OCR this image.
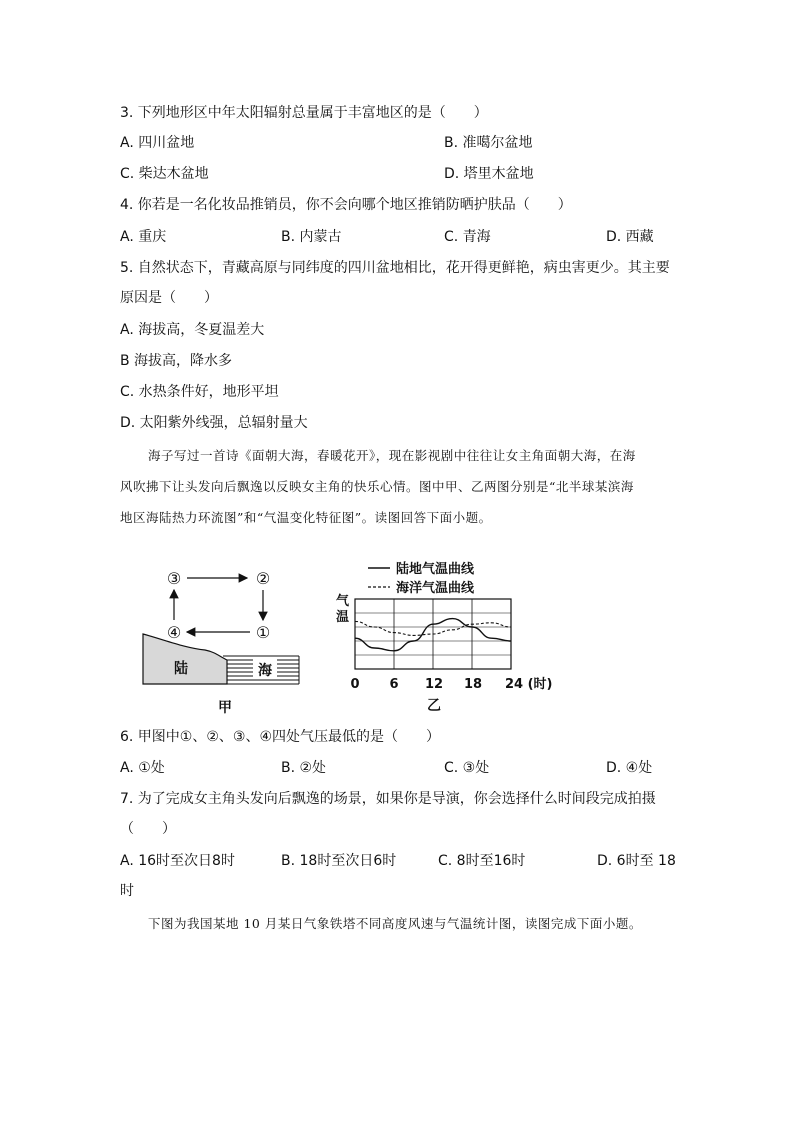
3. 下列地形区中年太阳辐射总量属于丰富地区的是（　　）
A. 四川盆地	B. 准噶尔盆地
C. 柴达木盆地	D. 塔里木盆地
4. 你若是一名化妆品推销员，你不会向哪个地区推销防晒护肤品（　　）
A. 重庆	B. 内蒙古	C. 青海	D. 西藏
5. 自然状态下，青藏高原与同纬度的四川盆地相比，花开得更鲜艳，病虫害更少。其主要
原因是（　　）
A. 海拔高，冬夏温差大
B 海拔高，降水多
C. 水热条件好，地形平坦
D. 太阳紫外线强，总辐射量大
海子写过一首诗《面朝大海，春暖花开》，现在影视剧中往往让女主角面朝大海，在海
风吹拂下让头发向后飘逸以反映女主角的快乐心情。图中甲、乙两图分别是“北半球某滨海
地区海陆热力环流图”和“气温变化特征图”。读图回答下面小题。
③	②
④	①
海
陆
甲
陆地气温曲线
海洋气温曲线
气
温
0 6 12 18 24 (时)
乙
6. 甲图中①、②、③、④四处气压最低的是（　　）
A. ①处	B. ②处	C. ③处	D. ④处
7. 为了完成女主角头发向后飘逸的场景，如果你是导演，你会选择什么时间段完成拍摄
（　　）
A. 16时至次日8时	B. 18时至次日6时	C. 8时至16时	D. 6时至 18
时
下图为我国某地 10 月某日气象铁塔不同高度风速与气温统计图，读图完成下面小题。
